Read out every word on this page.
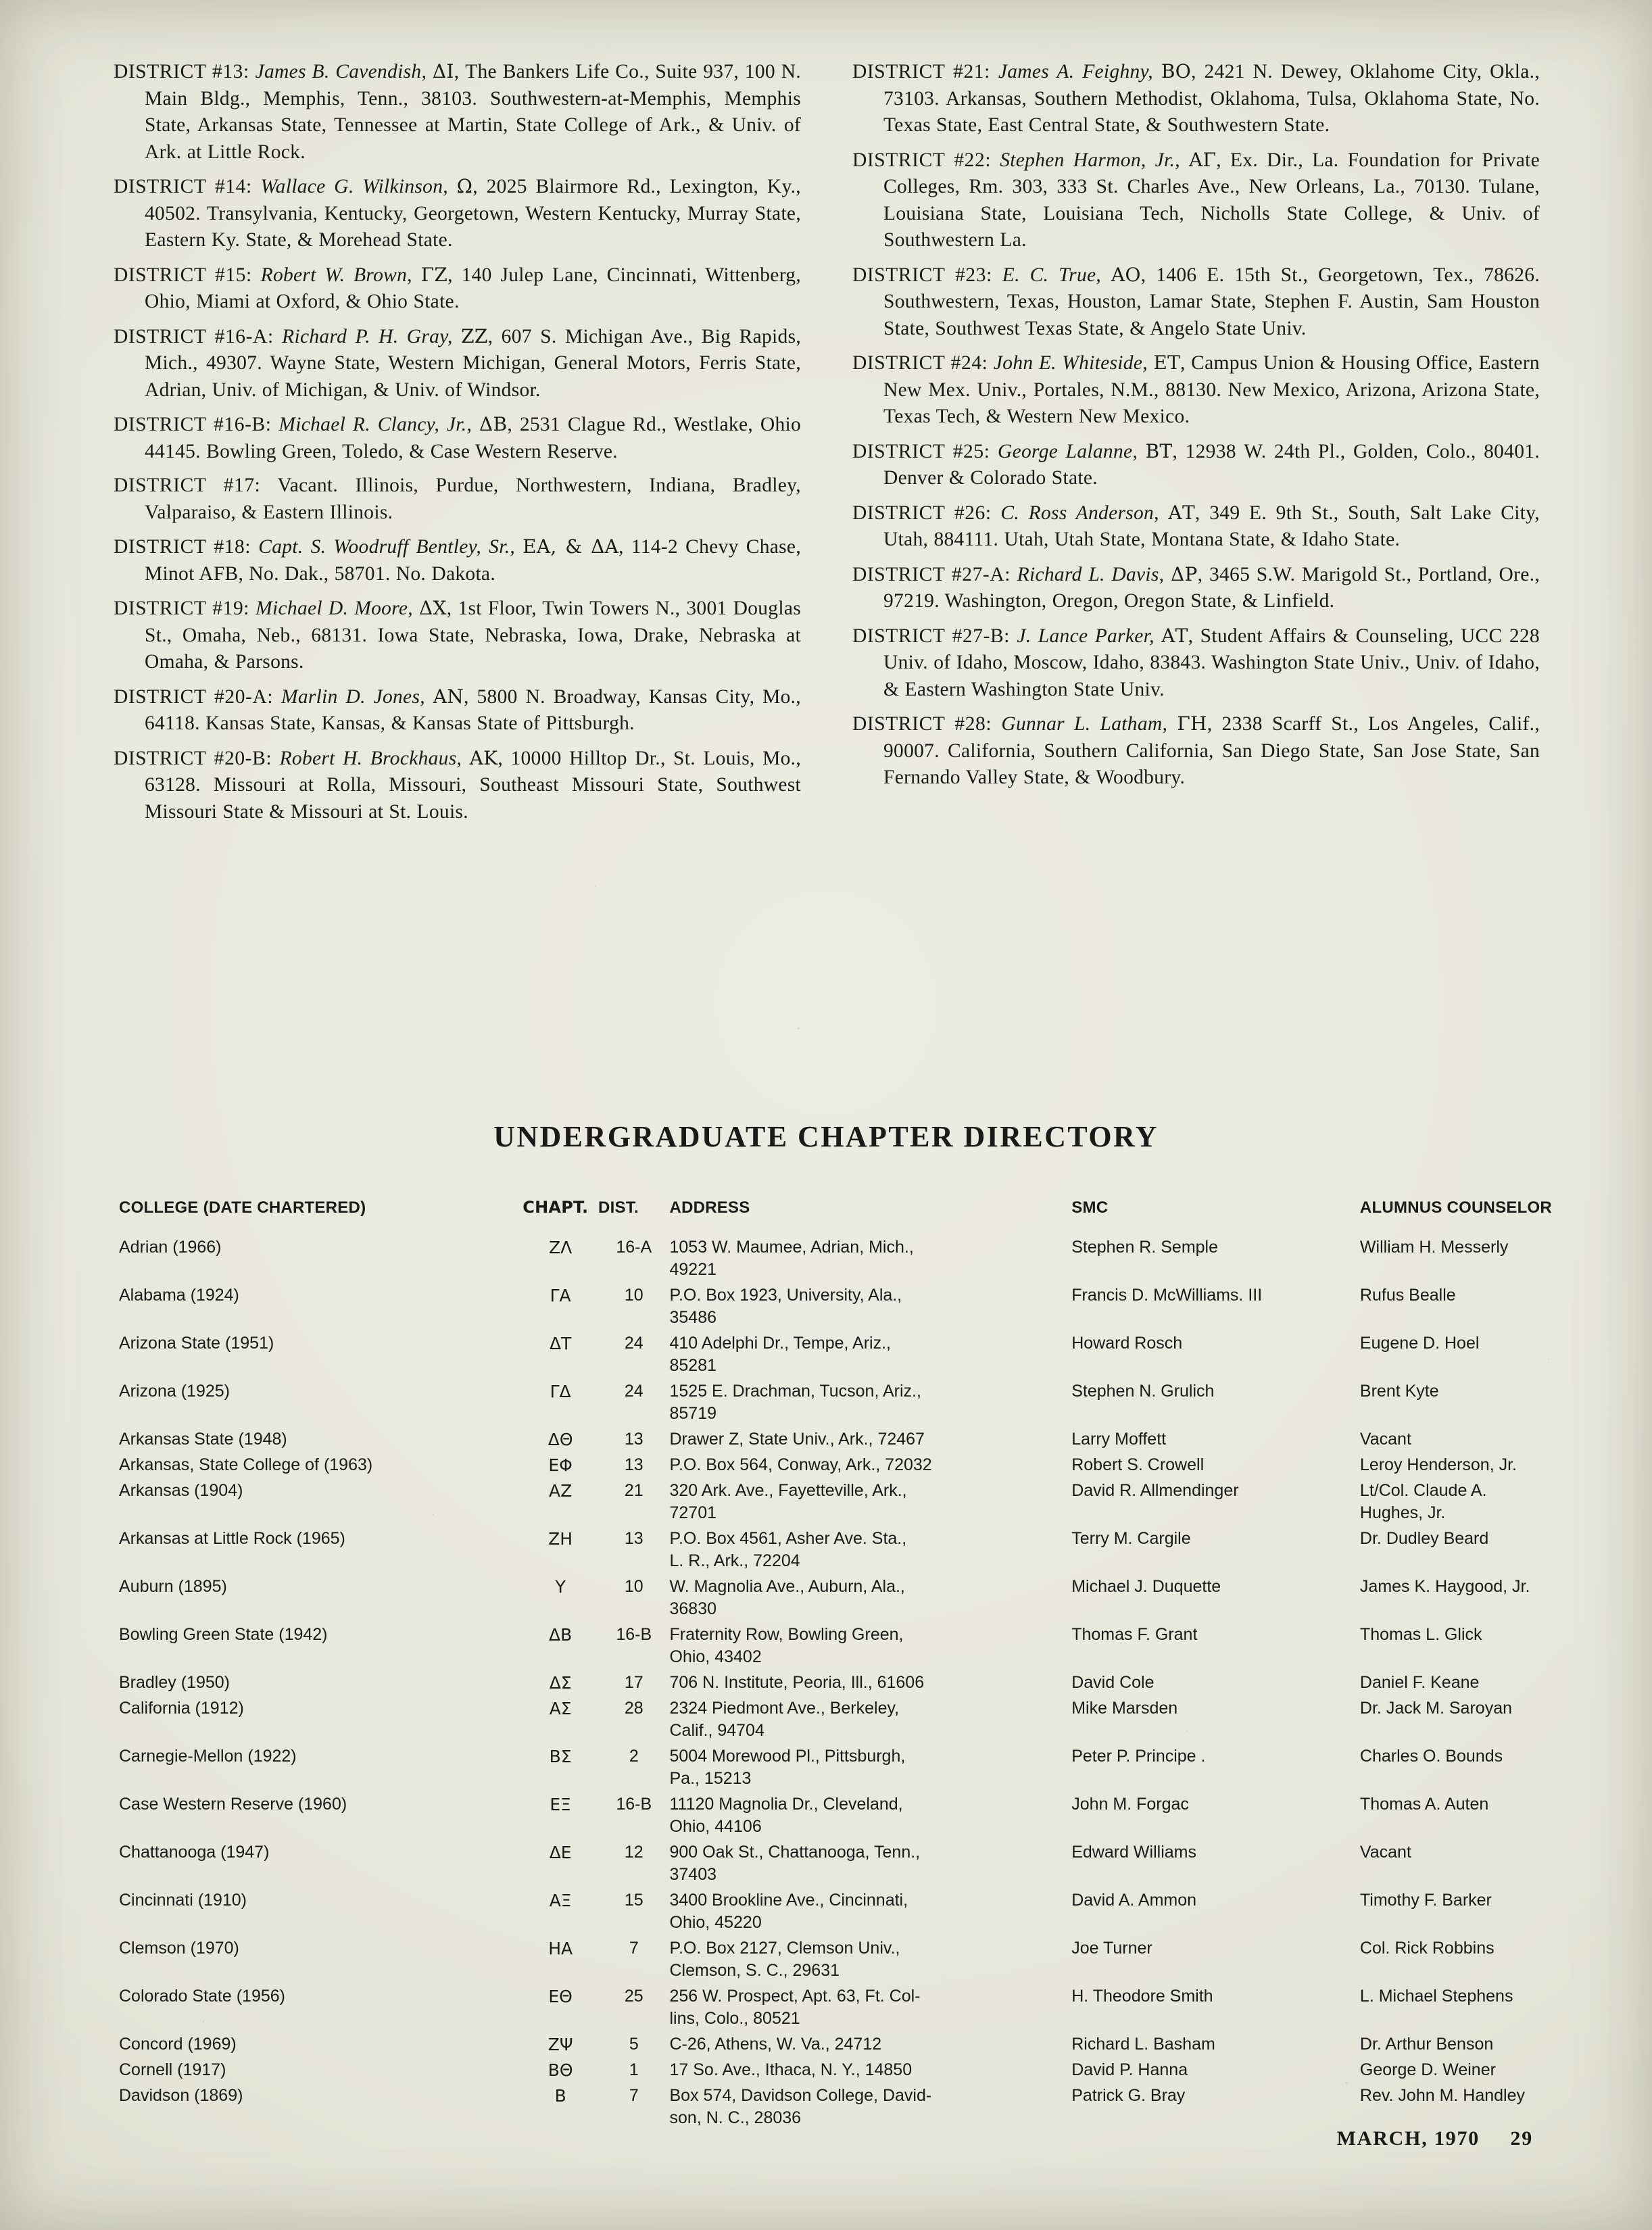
DISTRICT #13: James B. Cavendish, ΔΙ, The Bankers Life Co., Suite 937, 100 N. Main Bldg., Memphis, Tenn., 38103. Southwestern-at-Memphis, Memphis State, Arkansas State, Tennessee at Martin, State College of Ark., & Univ. of Ark. at Little Rock.

DISTRICT #14: Wallace G. Wilkinson, Ω, 2025 Blairmore Rd., Lexington, Ky., 40502. Transylvania, Kentucky, Georgetown, Western Kentucky, Murray State, Eastern Ky. State, & Morehead State.

DISTRICT #15: Robert W. Brown, ΓΖ, 140 Julep Lane, Cincinnati, Wittenberg, Ohio, Miami at Oxford, & Ohio State.

DISTRICT #16-A: Richard P. H. Gray, ΖΖ, 607 S. Michigan Ave., Big Rapids, Mich., 49307. Wayne State, Western Michigan, General Motors, Ferris State, Adrian, Univ. of Michigan, & Univ. of Windsor.

DISTRICT #16-B: Michael R. Clancy, Jr., ΔΒ, 2531 Clague Rd., Westlake, Ohio 44145. Bowling Green, Toledo, & Case Western Reserve.

DISTRICT #17: Vacant. Illinois, Purdue, Northwestern, Indiana, Bradley, Valparaiso, & Eastern Illinois.

DISTRICT #18: Capt. S. Woodruff Bentley, Sr., ΕΑ, & ΔΑ, 114-2 Chevy Chase, Minot AFB, No. Dak., 58701. No. Dakota.

DISTRICT #19: Michael D. Moore, ΔΧ, 1st Floor, Twin Towers N., 3001 Douglas St., Omaha, Neb., 68131. Iowa State, Nebraska, Iowa, Drake, Nebraska at Omaha, & Parsons.

DISTRICT #20-A: Marlin D. Jones, ΑΝ, 5800 N. Broadway, Kansas City, Mo., 64118. Kansas State, Kansas, & Kansas State of Pittsburgh.

DISTRICT #20-B: Robert H. Brockhaus, ΑΚ, 10000 Hilltop Dr., St. Louis, Mo., 63128. Missouri at Rolla, Missouri, Southeast Missouri State, Southwest Missouri State & Missouri at St. Louis.

DISTRICT #21: James A. Feighny, ΒΟ, 2421 N. Dewey, Oklahome City, Okla., 73103. Arkansas, Southern Methodist, Oklahoma, Tulsa, Oklahoma State, No. Texas State, East Central State, & Southwestern State.

DISTRICT #22: Stephen Harmon, Jr., ΑΓ, Ex. Dir., La. Foundation for Private Colleges, Rm. 303, 333 St. Charles Ave., New Orleans, La., 70130. Tulane, Louisiana State, Louisiana Tech, Nicholls State College, & Univ. of Southwestern La.

DISTRICT #23: E. C. True, ΑΟ, 1406 E. 15th St., Georgetown, Tex., 78626. Southwestern, Texas, Houston, Lamar State, Stephen F. Austin, Sam Houston State, Southwest Texas State, & Angelo State Univ.

DISTRICT #24: John E. Whiteside, ΕΤ, Campus Union & Housing Office, Eastern New Mex. Univ., Portales, N.M., 88130. New Mexico, Arizona, Arizona State, Texas Tech, & Western New Mexico.

DISTRICT #25: George Lalanne, ΒΤ, 12938 W. 24th Pl., Golden, Colo., 80401. Denver & Colorado State.

DISTRICT #26: C. Ross Anderson, ΑΤ, 349 E. 9th St., South, Salt Lake City, Utah, 884111. Utah, Utah State, Montana State, & Idaho State.

DISTRICT #27-A: Richard L. Davis, ΔΡ, 3465 S.W. Marigold St., Portland, Ore., 97219. Washington, Oregon, Oregon State, & Linfield.

DISTRICT #27-B: J. Lance Parker, ΑΤ, Student Affairs & Counseling, UCC 228 Univ. of Idaho, Moscow, Idaho, 83843. Washington State Univ., Univ. of Idaho, & Eastern Washington State Univ.

DISTRICT #28: Gunnar L. Latham, ΓΗ, 2338 Scarff St., Los Angeles, Calif., 90007. California, Southern California, San Diego State, San Jose State, San Fernando Valley State, & Woodbury.

UNDERGRADUATE CHAPTER DIRECTORY
COLLEGE (DATE CHARTERED)	CHAPT.	DIST.	ADDRESS	SMC	ALUMNUS COUNSELOR
Adrian (1966)	ΖΛ	16-A	1053 W. Maumee, Adrian, Mich.,
49221	Stephen R. Semple	William H. Messerly
Alabama (1924)	ΓΑ	10	P.O. Box 1923, University, Ala.,
35486	Francis D. McWilliams. III	Rufus Bealle
Arizona State (1951)	ΔΤ	24	410 Adelphi Dr., Tempe, Ariz.,
85281	Howard Rosch	Eugene D. Hoel
Arizona (1925)	ΓΔ	24	1525 E. Drachman, Tucson, Ariz.,
85719	Stephen N. Grulich	Brent Kyte
Arkansas State (1948)	ΔΘ	13	Drawer Z, State Univ., Ark., 72467	Larry Moffett	Vacant
Arkansas, State College of (1963)	ΕΦ	13	P.O. Box 564, Conway, Ark., 72032	Robert S. Crowell	Leroy Henderson, Jr.
Arkansas (1904)	ΑΖ	21	320 Ark. Ave., Fayetteville, Ark.,
72701	David R. Allmendinger	Lt/Col. Claude A. Hughes, Jr.
Arkansas at Little Rock (1965)	ΖΗ	13	P.O. Box 4561, Asher Ave. Sta.,
L. R., Ark., 72204	Terry M. Cargile	Dr. Dudley Beard
Auburn (1895)	Υ	10	W. Magnolia Ave., Auburn, Ala.,
36830	Michael J. Duquette	James K. Haygood, Jr.
Bowling Green State (1942)	ΔΒ	16-B	Fraternity Row, Bowling Green,
Ohio, 43402	Thomas F. Grant	Thomas L. Glick
Bradley (1950)	ΔΣ	17	706 N. Institute, Peoria, Ill., 61606	David Cole	Daniel F. Keane
California (1912)	ΑΣ	28	2324 Piedmont Ave., Berkeley,
Calif., 94704	Mike Marsden	Dr. Jack M. Saroyan
Carnegie-Mellon (1922)	ΒΣ	2	5004 Morewood Pl., Pittsburgh,
Pa., 15213	Peter P. Principe .	Charles O. Bounds
Case Western Reserve (1960)	ΕΞ	16-B	11120 Magnolia Dr., Cleveland,
Ohio, 44106	John M. Forgac	Thomas A. Auten
Chattanooga (1947)	ΔΕ	12	900 Oak St., Chattanooga, Tenn.,
37403	Edward Williams	Vacant
Cincinnati (1910)	ΑΞ	15	3400 Brookline Ave., Cincinnati,
Ohio, 45220	David A. Ammon	Timothy F. Barker
Clemson (1970)	ΗΑ	7	P.O. Box 2127, Clemson Univ.,
Clemson, S. C., 29631	Joe Turner	Col. Rick Robbins
Colorado State (1956)	ΕΘ	25	256 W. Prospect, Apt. 63, Ft. Col-
lins, Colo., 80521	H. Theodore Smith	L. Michael Stephens
Concord (1969)	ΖΨ	5	C-26, Athens, W. Va., 24712	Richard L. Basham	Dr. Arthur Benson
Cornell (1917)	ΒΘ	1	17 So. Ave., Ithaca, N. Y., 14850	David P. Hanna	George D. Weiner
Davidson (1869)	Β	7	Box 574, Davidson College, David-
son, N. C., 28036	Patrick G. Bray	Rev. John M. Handley
MARCH, 1970 29
